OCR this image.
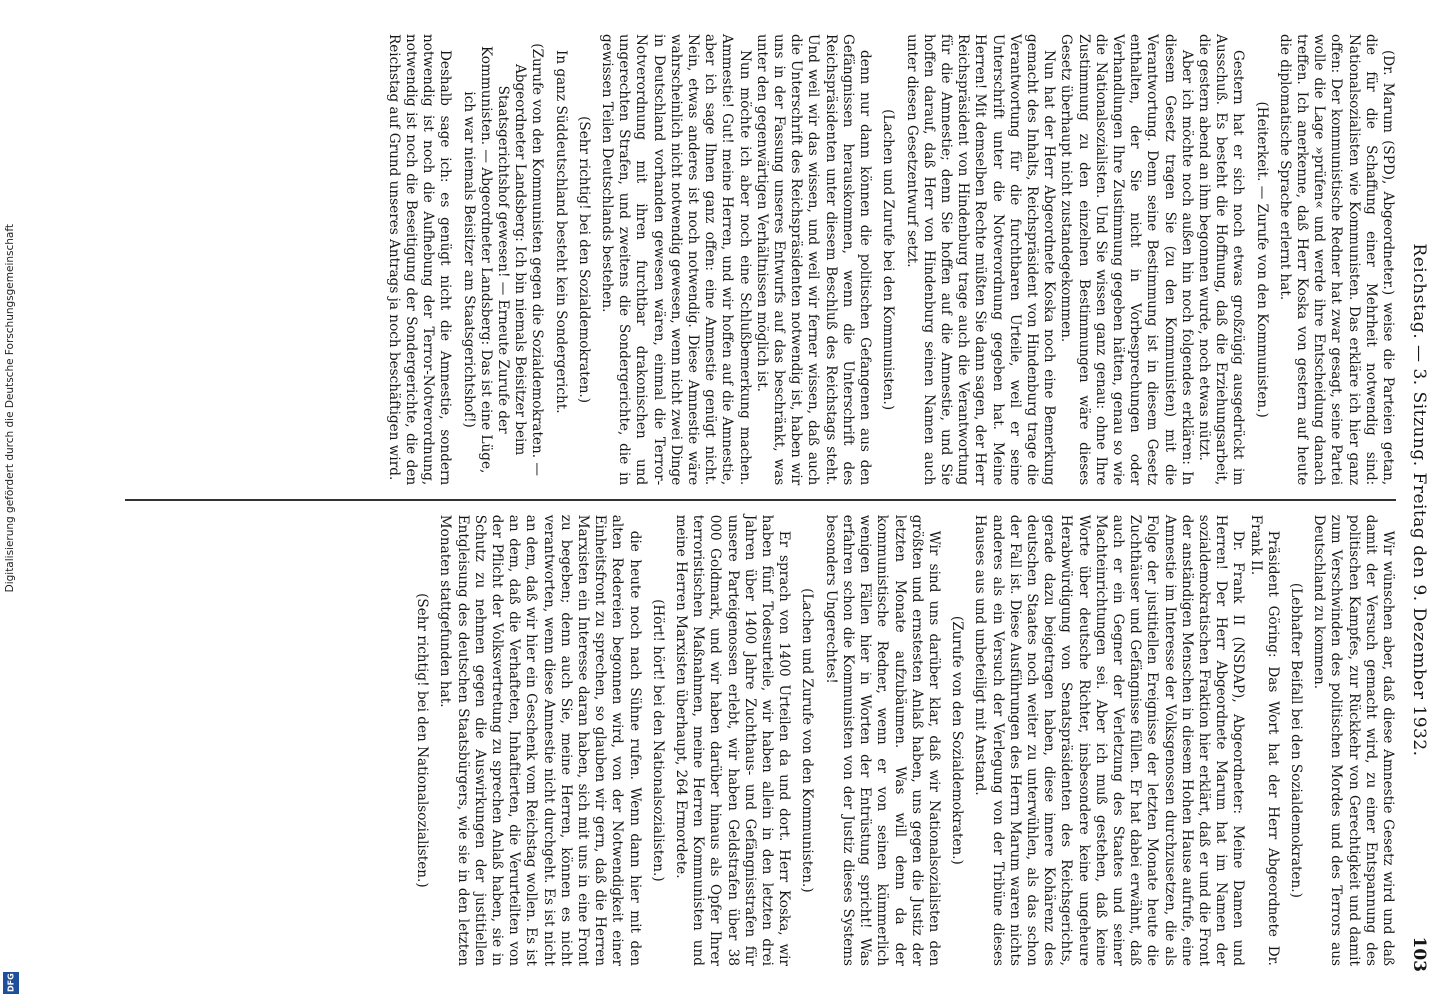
Digitalisierung gefördert durch die Deutsche Forschungsgemeinschaft
DFG
Reichstag. — 3. Sitzung. Freitag den 9. Dezember 1932.
103

(Dr. Marum (SPD), Abgeordneter.) weise die Parteien getan, die für die Schaffung einer Mehrheit notwendig sind: Nationalsozialisten wie Kommunisten. Das erkläre ich hier ganz offen: Der kommunistische Redner hat zwar gesagt, seine Partei wolle die Lage »prüfen« und werde ihre Entscheidung danach treffen. Ich anerkenne, daß Herr Koska von gestern auf heute die diplomatische Sprache erlernt hat.

(Heiterkeit. — Zurufe von den Kommunisten.)

Gestern hat er sich noch etwas großzügig ausgedrückt im Ausschuß. Es besteht die Hoffnung, daß die Erziehungsarbeit, die gestern abend an ihm begonnen wurde, noch etwas nützt.

Aber ich möchte noch außen hin noch folgendes erklären: In diesem Gesetz tragen Sie (zu den Kommunisten) mit die Verantwortung. Denn seine Bestimmung ist in diesem Gesetz enthalten, der Sie nicht in Vorbesprechungen oder Verhandlungen Ihre Zustimmung gegeben hätten, genau so wie die Nationalsozialisten. Und Sie wissen ganz genau: ohne Ihre Zustimmung zu den einzelnen Bestimmungen wäre dieses Gesetz überhaupt nicht zustandegekommen.

Nun hat der Herr Abgeordnete Koska noch eine Bemerkung gemacht des Inhalts, Reichspräsident von Hindenburg trage die Verantwortung für die furchtbaren Urteile, weil er seine Unterschrift unter die Notverordnung gegeben hat. Meine Herren! Mit demselben Rechte müßten Sie dann sagen, der Herr Reichspräsident von Hindenburg trage auch die Verantwortung für die Amnestie; denn Sie hoffen auf die Amnestie, und Sie hoffen darauf, daß Herr von Hindenburg seinen Namen auch unter diesen Gesetzentwurf setzt.

(Lachen und Zurufe bei den Kommunisten.)

denn nur dann können die politischen Gefangenen aus den Gefängnissen herauskommen, wenn die Unterschrift des Reichspräsidenten unter diesem Beschluß des Reichstags steht. Und weil wir das wissen, und weil wir ferner wissen, daß auch die Unterschrift des Reichspräsidenten notwendig ist, haben wir uns in der Fassung unseres Entwurfs auf das beschränkt, was unter den gegenwärtigen Verhältnissen möglich ist.

Nun möchte ich aber noch eine Schlußbemerkung machen. Ammestie! Gut! meine Herren, und wir hoffen auf die Amnestie, aber ich sage Ihnen ganz offen: eine Amnestie genügt nicht. Nein, etwas anderes ist noch notwendig. Diese Amnestie wäre wahrscheinlich nicht notwendig gewesen, wenn nicht zwei Dinge in Deutschland vorhanden gewesen wären, einmal die Terror-Notverordnung mit ihren furchtbar drakonischen und ungerechten Strafen, und zweitens die Sondergerichte, die in gewissen Teilen Deutschlands bestehen.

(Sehr richtig! bei den Sozialdemokraten.)

In ganz Süddeutschland besteht kein Sondergericht.

(Zurufe von den Kommunisten gegen die Sozialdemokraten. — Abgeordneter Landsberg: Ich bin niemals Beisitzer beim Staatsgerichtshof gewesen! — Erneute Zurufe der Kommunisten. — Abgeordneter Landsberg: Das ist eine Lüge, ich war niemals Beisitzer am Staatsgerichtshof!)

Deshalb sage ich: es genügt nicht die Amnestie, sondern notwendig ist noch die Aufhebung der Terror-Notverordnung, notwendig ist noch die Beseitigung der Sondergerichte, die den Reichstag auf Grund unseres Antrags ja noch beschäftigen wird.

Wir wünschen aber, daß diese Amnestie Gesetz wird und daß damit der Versuch gemacht wird, zu einer Entspannung des politischen Kampfes, zur Rückkehr von Gerechtigkeit und damit zum Verschwinden des politischen Mordes und des Terrors aus Deutschland zu kommen.

(Lebhafter Beifall bei den Sozialdemokraten.)

Präsident Göring: Das Wort hat der Herr Abgeordnete Dr. Frank II.

Dr. Frank II (NSDAP), Abgeordneter: Meine Damen und Herren! Der Herr Abgeordnete Marum hat im Namen der sozialdemokratischen Fraktion hier erklärt, daß er und die Front der anständigen Menschen in diesem Hohen Hause aufrufe, eine Amnestie im Interesse der Volksgenossen durchzusetzen, die als Folge der justitiellen Ereignisse der letzten Monate heute die Zuchthäuser und Gefängnisse füllen. Er hat dabei erwähnt, daß auch er ein Gegner der Verletzung des Staates und seiner Machteinrichtungen sei. Aber ich muß gestehen, daß keine Worte über deutsche Richter, insbesondere keine ungeheure Herabwürdigung von Senatspräsidenten des Reichsgerichts, gerade dazu beigetragen haben, diese innere Kohärenz des deutschen Staates noch weiter zu unterwühlen, als das schon der Fall ist. Diese Ausführungen des Herrn Marum waren nichts anderes als ein Versuch der Verlegung von der Tribüne dieses Hauses aus und unbeteiligt mit Anstand.

(Zurufe von den Sozialdemokraten.)

Wir sind uns darüber klar, daß wir Nationalsozialisten den größten und ernstesten Anlaß haben, uns gegen die Justiz der letzten Monate aufzubäumen. Was will denn da der kommunistische Redner, wenn er von seinen kümmerlich wenigen Fällen hier in Worten der Entrüstung spricht! Was erfahren schon die Kommunisten von der Justiz dieses Systems besonders Ungerechtes!

(Lachen und Zurufe von den Kommunisten.)

Er sprach von 1400 Urteilen da und dort. Herr Koska, wir haben fünf Todesurteile, wir haben allein in den letzten drei Jahren über 1400 Jahre Zuchthaus- und Gefängnisstrafen für unsere Parteigenossen erlebt, wir haben Geldstrafen über 38 000 Goldmark, und wir haben darüber hinaus als Opfer Ihrer terroristischen Maßnahmen, meine Herren Kommunisten und meine Herren Marxisten überhaupt, 264 Ermordete.

(Hört! hört! bei den Nationalsozialisten.)

die heute noch nach Sühne rufen. Wenn dann hier mit den alten Redereien begonnen wird, von der Notwendigkeit einer Einheitsfront zu sprechen, so glauben wir gern, daß die Herren Marxisten ein Interesse daran haben, sich mit uns in eine Front zu begeben; denn auch Sie, meine Herren, können es nicht verantworten, wenn diese Amnestie nicht durchgeht. Es ist nicht an dem, daß wir hier ein Geschenk vom Reichstag wollen. Es ist an dem, daß die Verhafteten, Inhaftierten, die Verurteilten von der Pflicht der Volksvertretung zu sprechen Anlaß haben, sie in Schutz zu nehmen gegen die Auswirkungen der justitiellen Entgleisung des deutschen Staatsbürgers, wie sie in den letzten Monaten stattgefunden hat.

(Sehr richtig! bei den Nationalsozialisten.)
